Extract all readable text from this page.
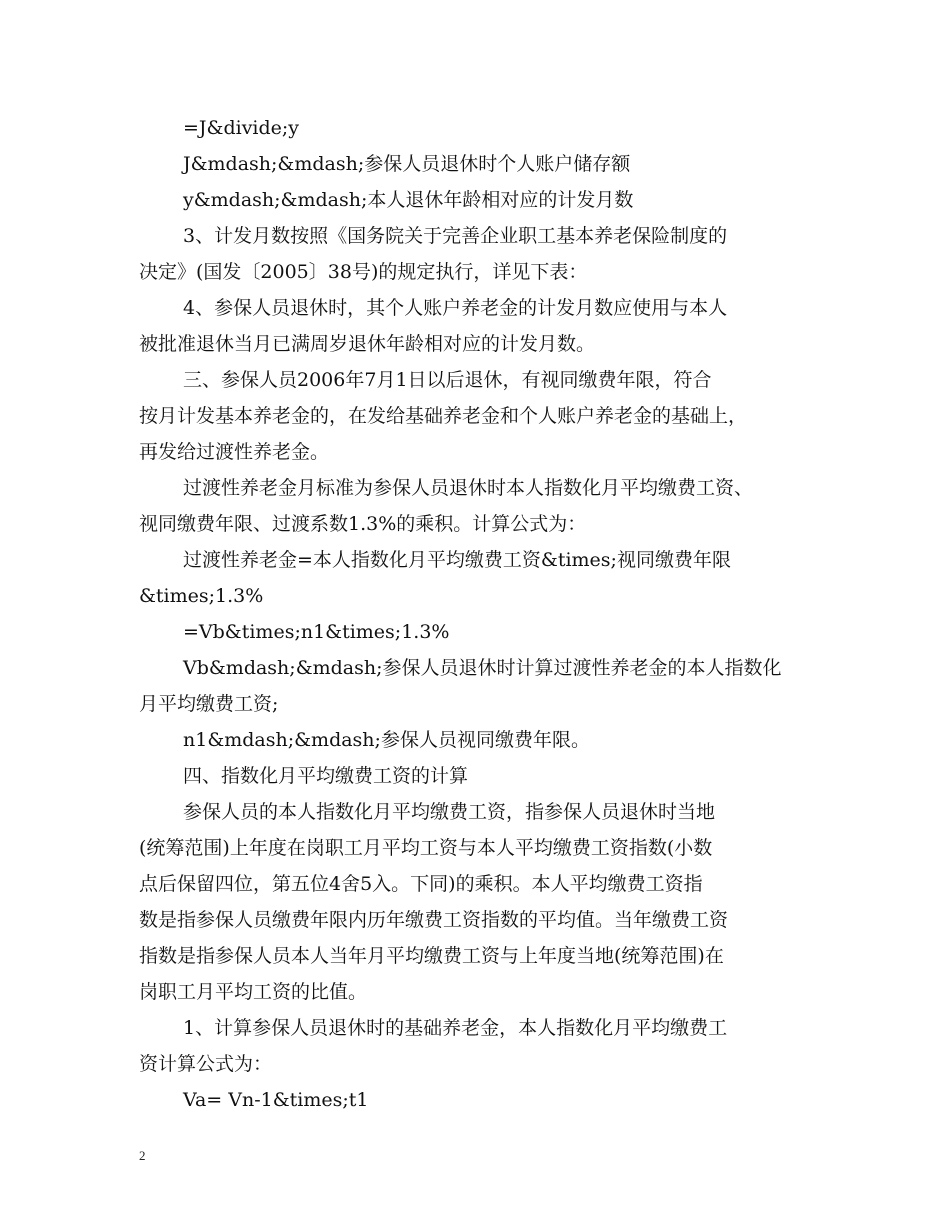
=J&divide;y
J&mdash;&mdash;参保人员退休时个人账户储存额
y&mdash;&mdash;本人退休年龄相对应的计发月数
3、计发月数按照《国务院关于完善企业职工基本养老保险制度的
决定》(国发〔2005〕38号)的规定执行，详见下表：
4、参保人员退休时，其个人账户养老金的计发月数应使用与本人
被批准退休当月已满周岁退休年龄相对应的计发月数。
三、参保人员2006年7月1日以后退休，有视同缴费年限，符合
按月计发基本养老金的，在发给基础养老金和个人账户养老金的基础上，
再发给过渡性养老金。
过渡性养老金月标准为参保人员退休时本人指数化月平均缴费工资、
视同缴费年限、过渡系数1.3%的乘积。计算公式为：
过渡性养老金=本人指数化月平均缴费工资&times;视同缴费年限
&times;1.3%
=Vb&times;n1&times;1.3%
Vb&mdash;&mdash;参保人员退休时计算过渡性养老金的本人指数化
月平均缴费工资;
n1&mdash;&mdash;参保人员视同缴费年限。
四、指数化月平均缴费工资的计算
参保人员的本人指数化月平均缴费工资，指参保人员退休时当地
(统筹范围)上年度在岗职工月平均工资与本人平均缴费工资指数(小数
点后保留四位，第五位4舍5入。下同)的乘积。本人平均缴费工资指
数是指参保人员缴费年限内历年缴费工资指数的平均值。当年缴费工资
指数是指参保人员本人当年月平均缴费工资与上年度当地(统筹范围)在
岗职工月平均工资的比值。
1、计算参保人员退休时的基础养老金，本人指数化月平均缴费工
资计算公式为：
Va= Vn-1&times;t1
2
